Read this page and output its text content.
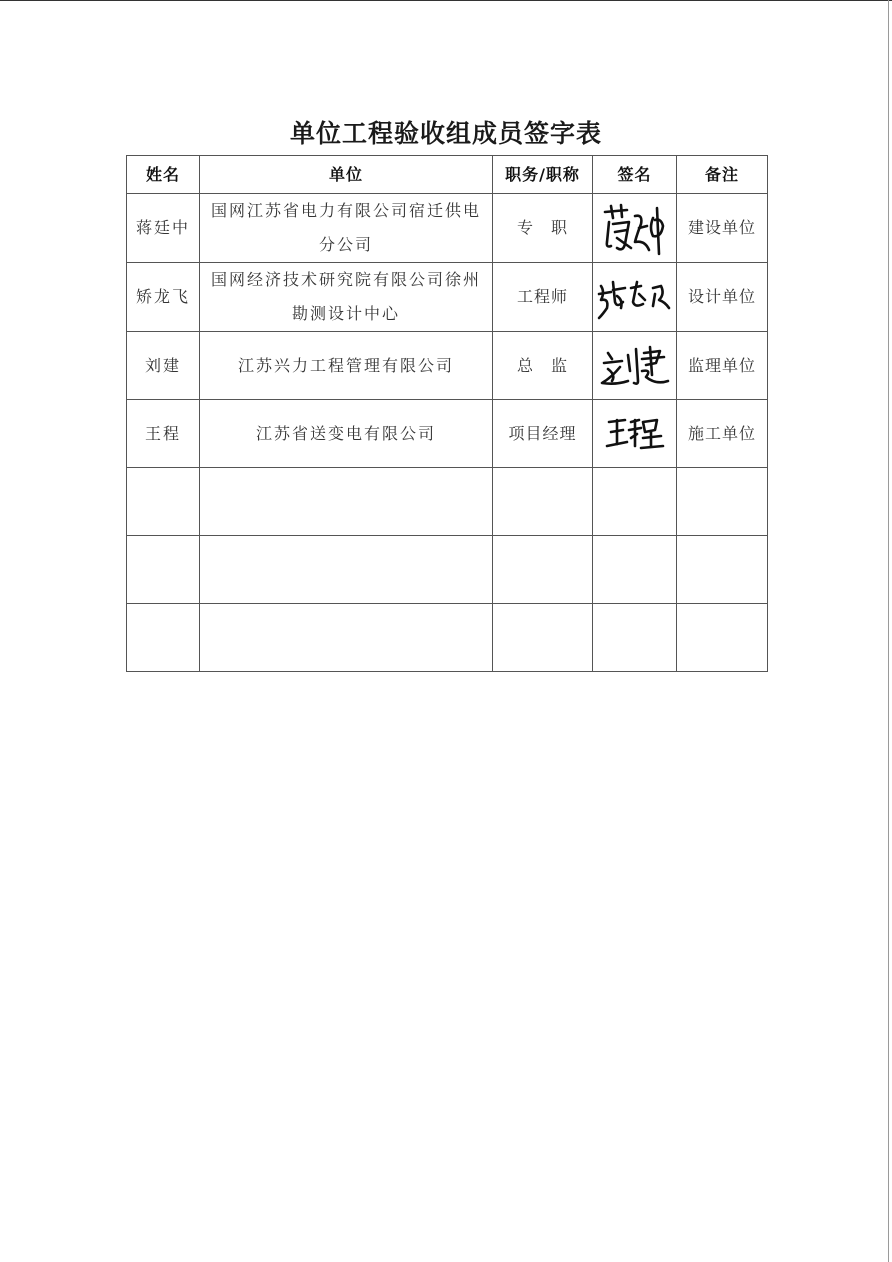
单位工程验收组成员签字表
姓名	单位	职务/职称	签名	备注
蒋廷中	国网江苏省电力有限公司宿迁供电分公司	专　职		建设单位
矫龙飞	国网经济技术研究院有限公司徐州勘测设计中心	工程师		设计单位
刘建	江苏兴力工程管理有限公司	总　监		监理单位
王程	江苏省送变电有限公司	项目经理		施工单位
